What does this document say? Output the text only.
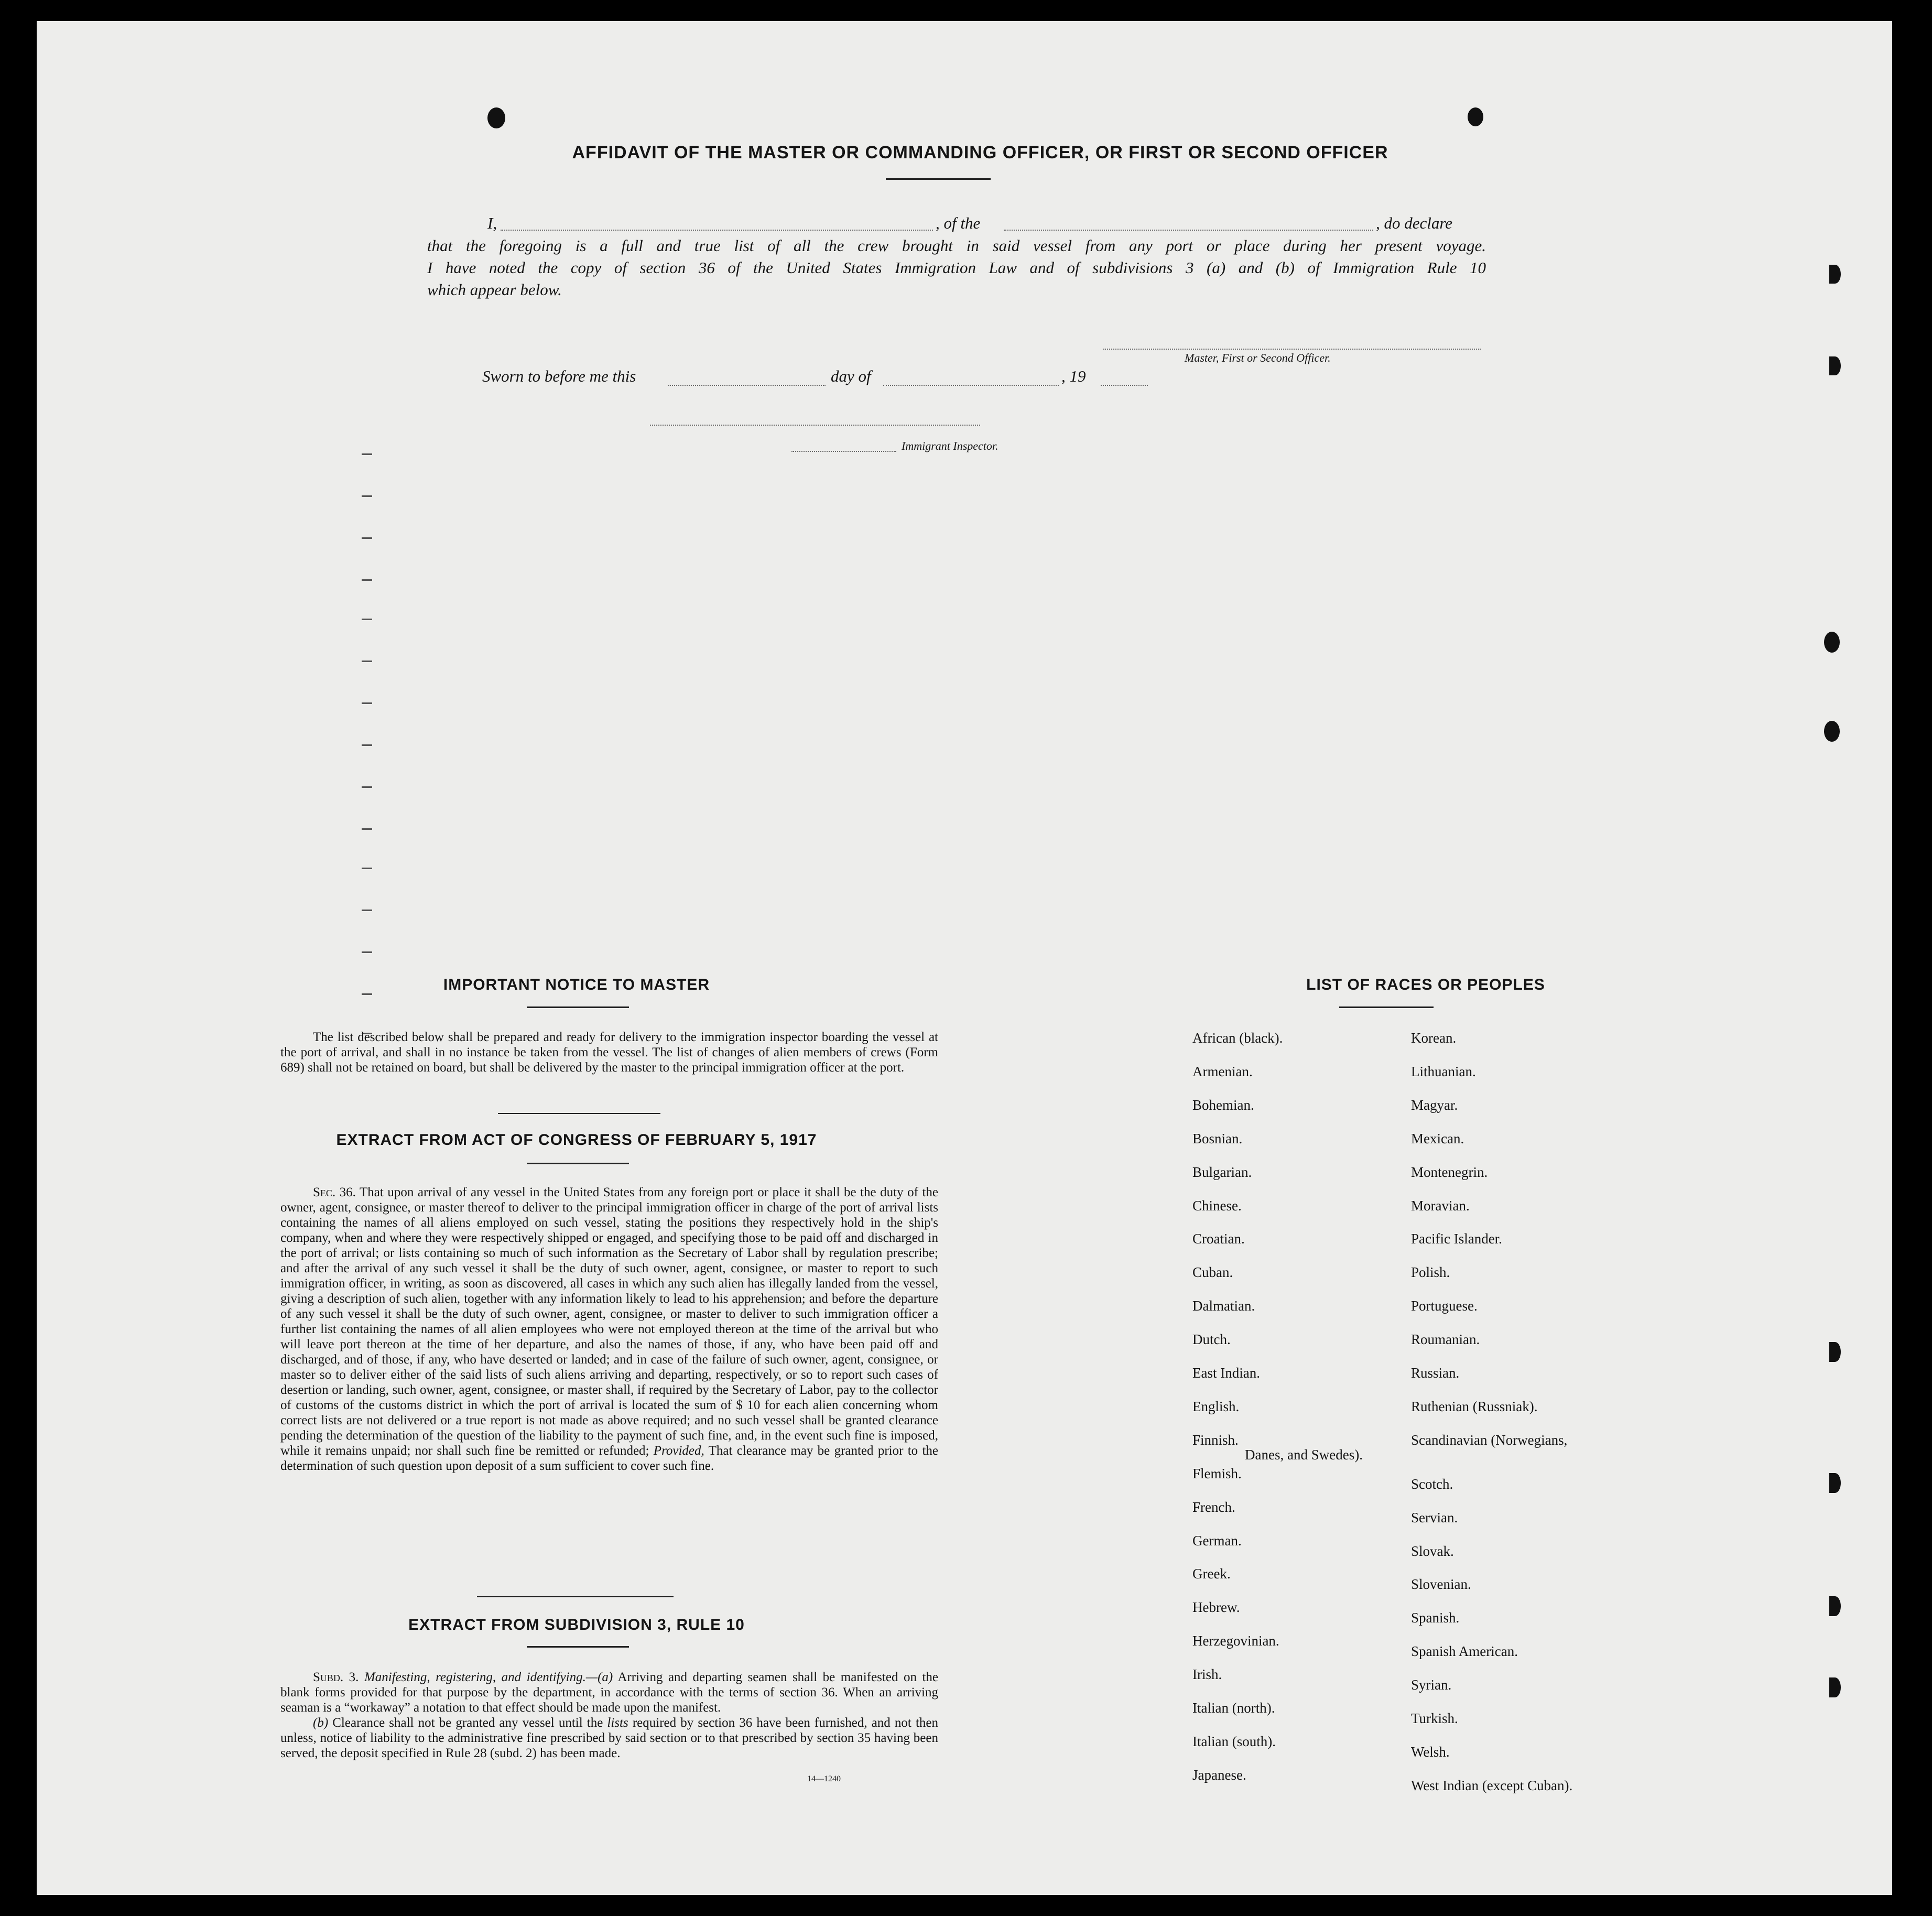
AFFIDAVIT OF THE MASTER OR COMMANDING OFFICER, OR FIRST OR SECOND OFFICER
I,	, of the	, do declare
that the foregoing is a full and true list of all the crew brought in said vessel from any port or place during her present voyage.
I have noted the copy of section 36 of the United States Immigration Law and of subdivisions 3 (a) and (b) of Immigration Rule 10
which appear below.
Master, First or Second Officer.
Sworn to before me this	day of	, 19
Immigrant Inspector.
IMPORTANT NOTICE TO MASTER

The list described below shall be prepared and ready for delivery to the immigration inspector boarding the vessel at the port of arrival, and shall in no instance be taken from the vessel. The list of changes of alien members of crews (Form 689) shall not be retained on board, but shall be delivered by the master to the principal immigration officer at the port.

EXTRACT FROM ACT OF CONGRESS OF FEBRUARY 5, 1917

Sec. 36. That upon arrival of any vessel in the United States from any foreign port or place it shall be the duty of the owner, agent, consignee, or master thereof to deliver to the principal immigration officer in charge of the port of arrival lists containing the names of all aliens employed on such vessel, stating the positions they respectively hold in the ship's company, when and where they were respectively shipped or engaged, and specifying those to be paid off and discharged in the port of arrival; or lists containing so much of such information as the Secretary of Labor shall by regulation prescribe; and after the arrival of any such vessel it shall be the duty of such owner, agent, consignee, or master to report to such immigration officer, in writing, as soon as discovered, all cases in which any such alien has illegally landed from the vessel, giving a description of such alien, together with any information likely to lead to his apprehension; and before the departure of any such vessel it shall be the duty of such owner, agent, consignee, or master to deliver to such immigration officer a further list containing the names of all alien employees who were not employed thereon at the time of the arrival but who will leave port thereon at the time of her departure, and also the names of those, if any, who have been paid off and discharged, and of those, if any, who have deserted or landed; and in case of the failure of such owner, agent, consignee, or master so to deliver either of the said lists of such aliens arriving and departing, respectively, or so to report such cases of desertion or landing, such owner, agent, consignee, or master shall, if required by the Secretary of Labor, pay to the collector of customs of the customs district in which the port of arrival is located the sum of $ 10 for each alien concerning whom correct lists are not delivered or a true report is not made as above required; and no such vessel shall be granted clearance pending the determination of the question of the liability to the payment of such fine, and, in the event such fine is imposed, while it remains unpaid; nor shall such fine be remitted or refunded; Provided, That clearance may be granted prior to the determination of such question upon deposit of a sum sufficient to cover such fine.

EXTRACT FROM SUBDIVISION 3, RULE 10

Subd. 3. Manifesting, registering, and identifying.—(a) Arriving and departing seamen shall be manifested on the blank forms provided for that purpose by the department, in accordance with the terms of section 36. When an arriving seaman is a “workaway” a notation to that effect should be made upon the manifest.

(b) Clearance shall not be granted any vessel until the lists required by section 36 have been furnished, and not then unless, notice of liability to the administrative fine prescribed by said section or to that prescribed by section 35 having been served, the deposit specified in Rule 28 (subd. 2) has been made.

14—1240
LIST OF RACES OR PEOPLES
African (black).
Armenian.
Bohemian.
Bosnian.
Bulgarian.
Chinese.
Croatian.
Cuban.
Dalmatian.
Dutch.
East Indian.
English.
Finnish.
Flemish.
French.
German.
Greek.
Hebrew.
Herzegovinian.
Irish.
Italian (north).
Italian (south).
Japanese.
Korean.
Lithuanian.
Magyar.
Mexican.
Montenegrin.
Moravian.
Pacific Islander.
Polish.
Portuguese.
Roumanian.
Russian.
Ruthenian (Russniak).
Scandinavian (Norwegians,
Danes, and Swedes).
Scotch.
Servian.
Slovak.
Slovenian.
Spanish.
Spanish American.
Syrian.
Turkish.
Welsh.
West Indian (except Cuban).
